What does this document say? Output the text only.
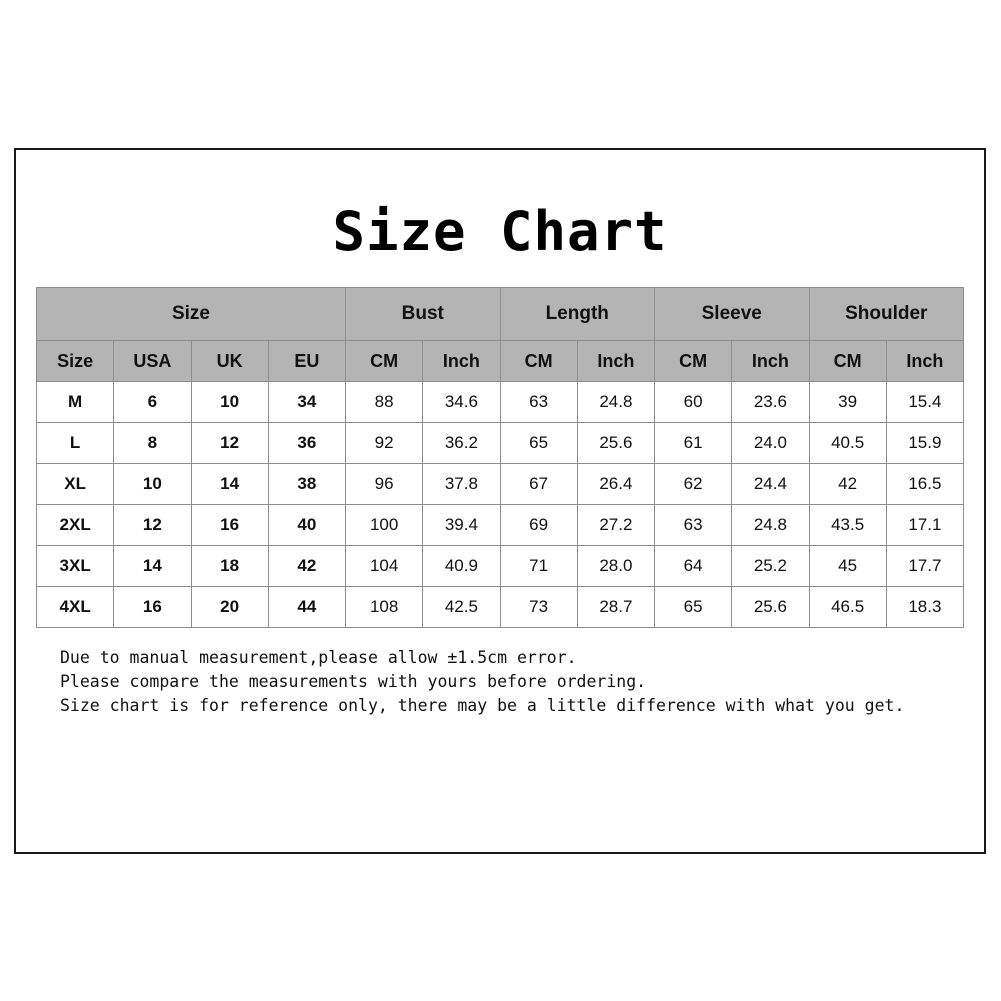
Size Chart
Size				Bust		Length		Sleeve		Shoulder	
Size	USA	UK	EU	CM	Inch	CM	Inch	CM	Inch	CM	Inch
M	6	10	34	88	34.6	63	24.8	60	23.6	39	15.4
L	8	12	36	92	36.2	65	25.6	61	24.0	40.5	15.9
XL	10	14	38	96	37.8	67	26.4	62	24.4	42	16.5
2XL	12	16	40	100	39.4	69	27.2	63	24.8	43.5	17.1
3XL	14	18	42	104	40.9	71	28.0	64	25.2	45	17.7
4XL	16	20	44	108	42.5	73	28.7	65	25.6	46.5	18.3
Due to manual measurement,please allow ±1.5cm error.
Please compare the measurements with yours before ordering.
Size chart is for reference only, there may be a little difference with what you get.
